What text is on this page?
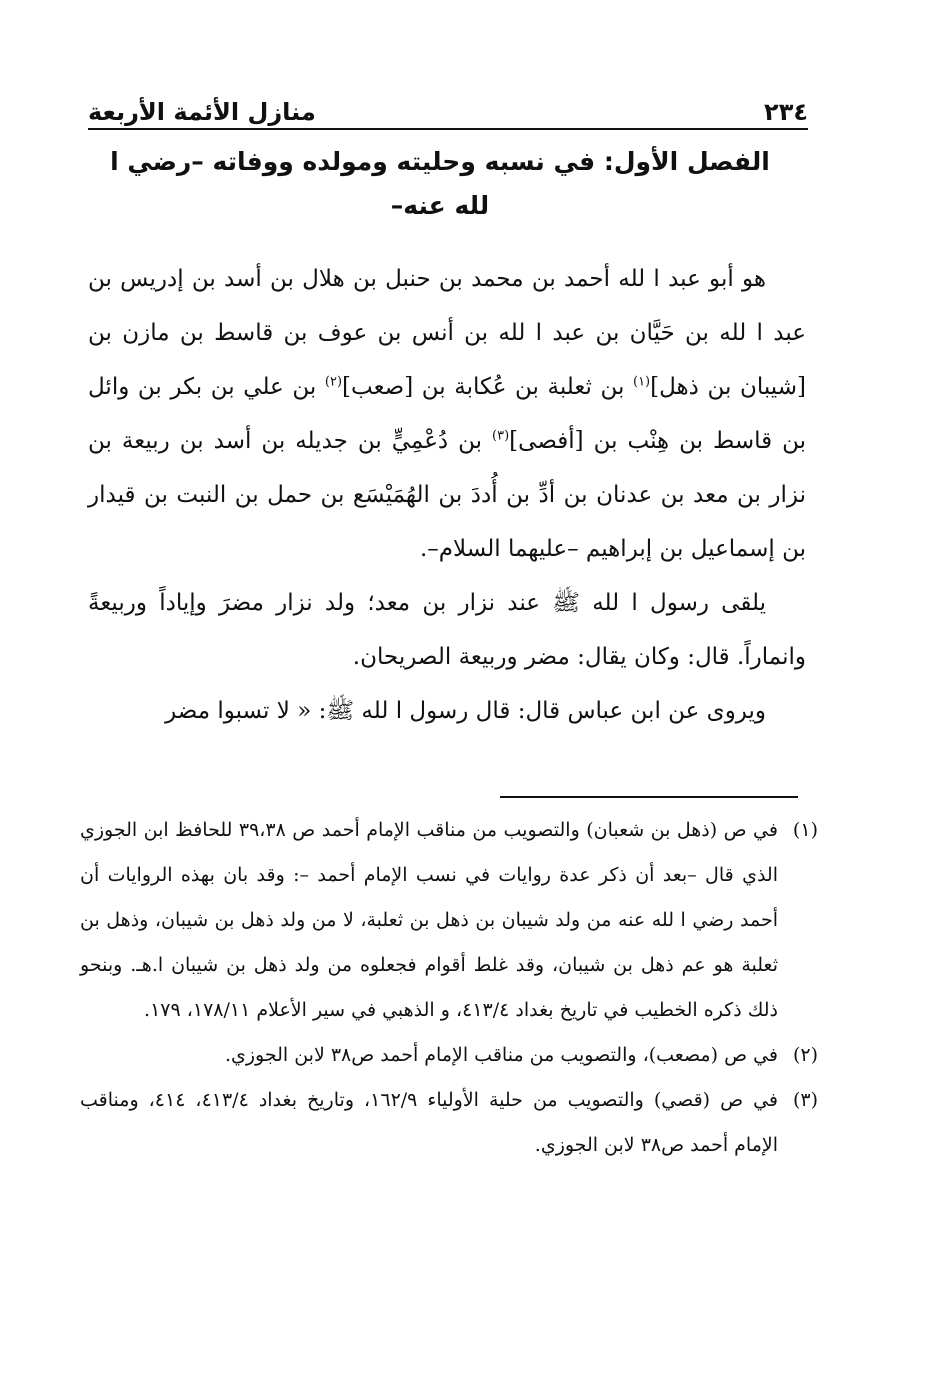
٢٣٤
منازل الأئمة الأربعة
الفصل الأول: في نسبه وحليته ومولده ووفاته –رضي ا لله عنه–

هو أبو عبد ا لله أحمد بن محمد بن حنبل بن هلال بن أسد بن إدريس بن عبد ا لله بن حَيَّان بن عبد ا لله بن أنس بن عوف بن قاسط بن مازن بن [شيبان بن ذهل]$^{(١)}$ بن ثعلبة بن عُكابة بن [صعب]$^{(٢)}$ بن علي بن بكر بن وائل بن قاسط بن هِنْب بن [أفصى]$^{(٣)}$ بن دُعْمِيٍّ بن جديله بن أسد بن ربيعة بن نزار بن معد بن عدنان بن أدِّ بن أُددَ بن الهُمَيْسَع بن حمل بن النبت بن قيدار بن إسماعيل بن إبراهيم –عليهما السلام–.

يلقى رسول ا لله ﷺ عند نزار بن معد؛ ولد نزار مضرَ وإياداً وربيعةً وانماراً. قال: وكان يقال: مضر وربيعة الصريحان.

ويروى عن ابن عباس قال: قال رسول ا لله ﷺ: « لا تسبوا مضر

(١)في ص (ذهل بن شعبان) والتصويب من مناقب الإمام أحمد ص ٣٩،٣٨ للحافظ ابن الجوزي الذي قال –بعد أن ذكر عدة روايات في نسب الإمام أحمد –: وقد بان بهذه الروايات أن أحمد رضي ا لله عنه من ولد شيبان بن ذهل بن ثعلبة، لا من ولد ذهل بن شيبان، وذهل بن ثعلبة هو عم ذهل بن شيبان، وقد غلط أقوام فجعلوه من ولد ذهل بن شيبان ا.هـ. وبنحو ذلك ذكره الخطيب في تاريخ بغداد ٤١٣/٤، و الذهبي في سير الأعلام ١٧٨/١١، ١٧٩.

(٢)في ص (مصعب)، والتصويب من مناقب الإمام أحمد ص٣٨ لابن الجوزي.

(٣)في ص (قصي) والتصويب من حلية الأولياء ١٦٢/٩، وتاريخ بغداد ٤١٣/٤، ٤١٤، ومناقب الإمام أحمد ص٣٨ لابن الجوزي.
